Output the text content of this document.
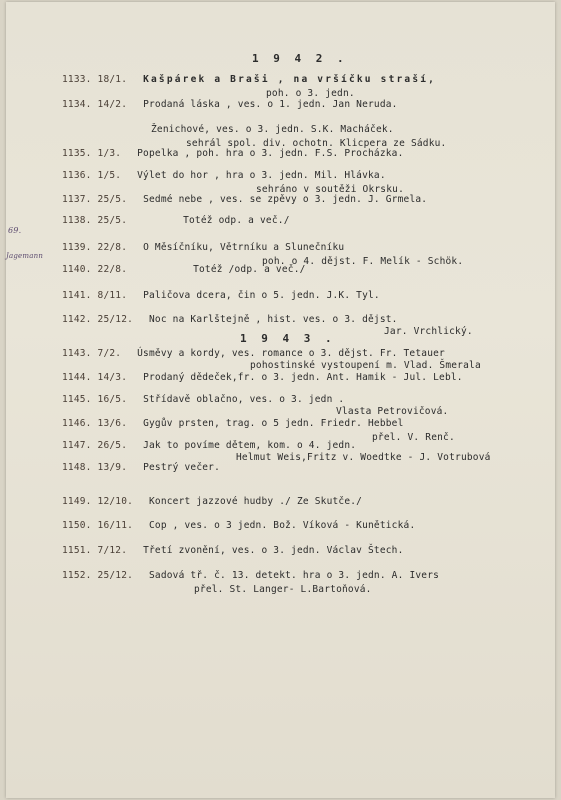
1 9 4 2 .
69.
Jagemann
1133. 18/1. Kašpárek a Braši , na vršíčku straší,
poh. o 3. jedn.
1134. 14/2. Prodaná láska , ves. o 1. jedn. Jan Neruda.
Ženichové, ves. o 3. jedn. S.K. Macháček.
sehrál spol. div. ochotn. Klicpera ze Sádku.
1135. 1/3. Popelka , poh. hra o 3. jedn. F.S. Procházka.
1136. 1/5. Výlet do hor , hra o 3. jedn. Mil. Hlávka.
sehráno v soutěži Okrsku.
1137. 25/5. Sedmé nebe , ves. se zpěvy o 3. jedn. J. Grmela.
1138. 25/5.	Totéž odp. a več./
1139. 22/8. O Měsíčníku, Větrníku a Slunečníku
poh. o 4. dějst. F. Melík - Schök.
1140. 22/8.	Totéž /odp. a več./
1141. 8/11. Paličova dcera, čin o 5. jedn. J.K. Tyl.
1142. 25/12. Noc na Karlštejně , hist. ves. o 3. dějst.
Jar. Vrchlický.
1 9 4 3 .
1143. 7/2. Úsměvy a kordy, ves. romance o 3. dějst. Fr. Tetauer
pohostinské vystoupení m. Vlad. Šmerala
1144. 14/3. Prodaný dědeček,fr. o 3. jedn. Ant. Hamik - Jul. Lebl.
1145. 16/5. Střídavě oblačno, ves. o 3. jedn .
Vlasta Petrovičová.
1146. 13/6. Gygův prsten, trag. o 5 jedn. Friedr. Hebbel
přel. V. Renč.
1147. 26/5. Jak to povíme dětem, kom. o 4. jedn.
Helmut Weis,Fritz v. Woedtke - J. Votrubová
1148. 13/9. Pestrý večer.
1149. 12/10. Koncert jazzové hudby ./ Ze Skutče./
1150. 16/11. Cop , ves. o 3 jedn. Bož. Víková - Kunětická.
1151. 7/12. Třetí zvonění, ves. o 3. jedn. Václav Štech.
1152. 25/12. Sadová tř. č. 13. detekt. hra o 3. jedn. A. Ivers
přel. St. Langer- L.Bartoňová.
